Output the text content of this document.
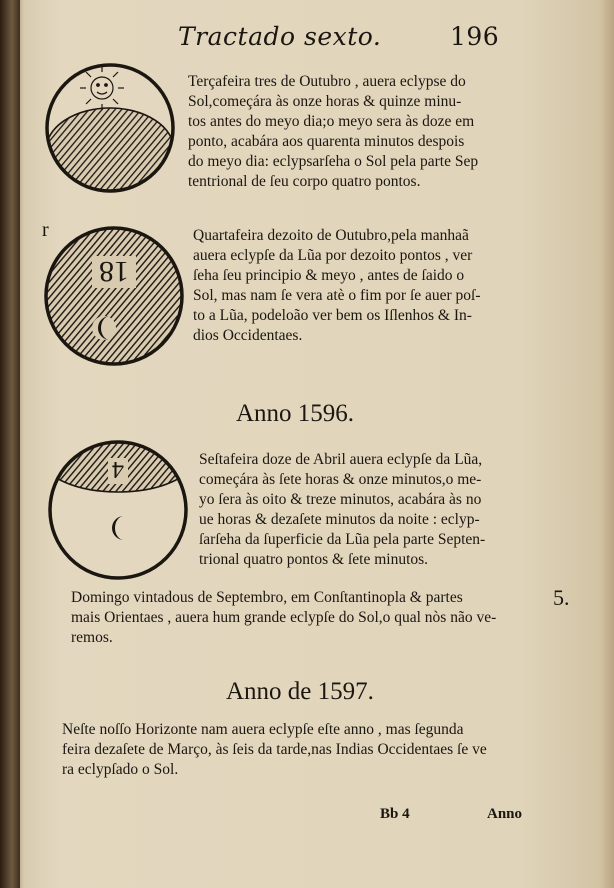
Tractado sexto.	196
Terçafeira tres de Outubro , auera eclypse do
Sol,começára às onze horas & quinze minu-
tos antes do meyo dia;o meyo sera às doze em
ponto, acabára aos quarenta minutos despois
do meyo dia: eclypsarſeha o Sol pela parte Sep
tentrional de ſeu corpo quatro pontos.
r
18
Quartafeira dezoito de Outubro,pela manhaã
auera eclypſe da Lũa por dezoito pontos , ver
ſeha ſeu principio & meyo , antes de ſaido o
Sol, mas nam ſe vera atè o fim por ſe auer poſ-
to a Lũa, podeloão ver bem os Iſlenhos & In-
dios Occidentaes.
Anno 1596.
4	Seſtafeira doze de Abril auera eclypſe da Lũa,
começára às ſete horas & onze minutos,o me-
yo ſera às oito & treze minutos, acabára às no
ue horas & dezaſete minutos da noite : eclyp-
ſarſeha da ſuperficie da Lũa pela parte Septen-
trional quatro pontos & ſete minutos.
Domingo vintadous de Septembro, em Conſtantinopla & partes
mais Orientaes , auera hum grande eclypſe do Sol,o qual nòs não ve-
remos.
5.
Anno de 1597.
Neſte noſſo Horizonte nam auera eclypſe eſte anno , mas ſegunda
feira dezaſete de Março, às ſeis da tarde,nas Indias Occidentaes ſe ve
ra eclypſado o Sol.
Bb 4	Anno
